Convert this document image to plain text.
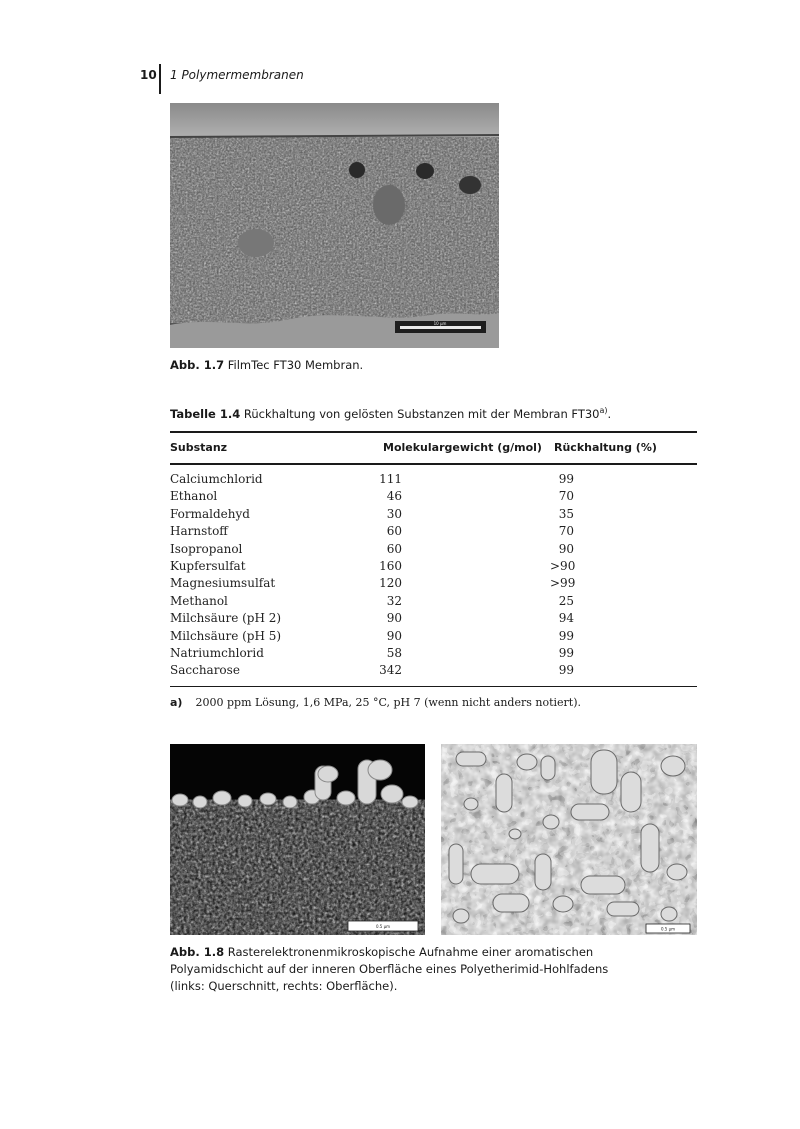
10 1 Polymermembranen
10 µm
Abb. 1.7 FilmTec FT30 Membran.
Tabelle 1.4 Rückhaltung von gelösten Substanzen mit der Membran FT30$^{a)}$.
Substanz	Molekulargewicht (g/mol) Rückhaltung (%)
Calciumchlorid	111	99
Ethanol	46	70
Formaldehyd	30	35
Harnstoff	60	70
Isopropanol	60	90
Kupfersulfat	160	>90
Magnesiumsulfat	120	>99
Methanol	32	25
Milchsäure (pH 2)	90	94
Milchsäure (pH 5)	90	99
Natriumchlorid	58	99
Saccharose	342	99
a) 2000 ppm Lösung, 1,6 MPa, 25 °C, pH 7 (wenn nicht anders notiert).
0.5 µm	0.5 µm
Abb. 1.8 Rasterelektronenmikroskopische Aufnahme einer aromatischen
Polyamidschicht auf der inneren Oberfläche eines Polyetherimid-Hohlfadens
(links: Querschnitt, rechts: Oberfläche).
